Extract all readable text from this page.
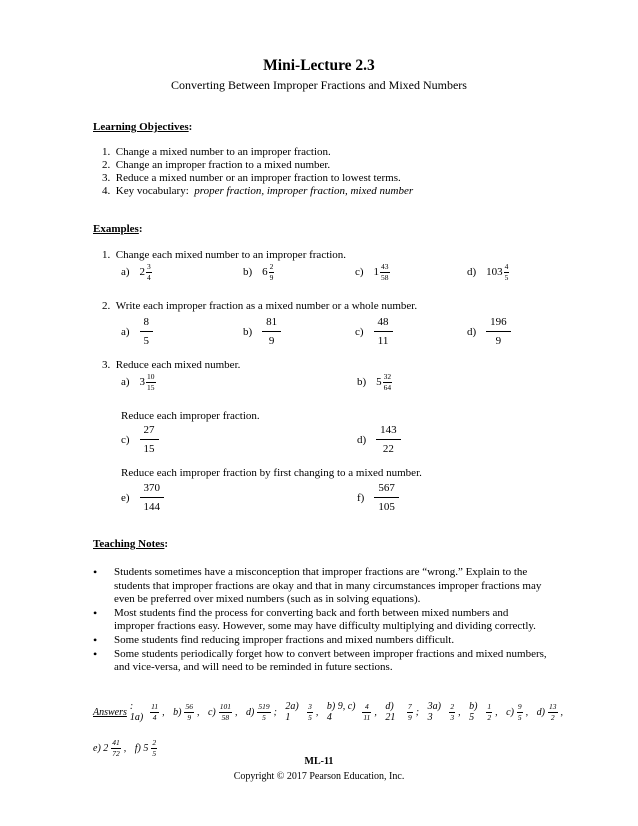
Mini-Lecture 2.3
Converting Between Improper Fractions and Mixed Numbers
Learning Objectives:
1. Change a mixed number to an improper fraction.
2. Change an improper fraction to a mixed number.
3. Reduce a mixed number or an improper fraction to lowest terms.
4. Key vocabulary:  proper fraction, improper fraction, mixed number
Examples:
1. Change each mixed number to an improper fraction.
a) $2 \frac{3}{4}$	b) $6 \frac{2}{9}$	c) $1 \frac{43}{58}$	d) $103 \frac{4}{5}$
2. Write each improper fraction as a mixed number or a whole number.
$a) \frac{8}{5}$	$b) \frac{81}{9}$	$c) \frac{48}{11}$	$d) \frac{196}{9}$
3. Reduce each mixed number.
a) $3 \frac{10}{15}$	b) $5 \frac{32}{64}$
Reduce each improper fraction.
$c) \frac{27}{15}$	$d) \frac{143}{22}$
Reduce each improper fraction by first changing to a mixed number.
$e) \frac{370}{144}$	$f) \frac{567}{105}$
Teaching Notes:
• Students sometimes have a misconception that improper fractions are “wrong.” Explain to the students that improper fractions are okay and that in many circumstances improper fractions may even be preferred over mixed numbers (such as in solving equations).
• Most students find the process for converting back and forth between mixed numbers and improper fractions easy. However, some may have difficulty multiplying and dividing correctly.
• Some students find reducing improper fractions and mixed numbers difficult.
• Some students periodically forget how to convert between improper fractions and mixed numbers, and vice-versa, and will need to be reminded in future sections.
Answers : $1a) \frac{11}{4}$ ,
$b) \frac{56}{9}$ ,
$c) \frac{101}{58}$ ,
$d) \frac{519}{5}$ ;
2a) 1	$\frac{3}{5}$ ,
b) 9, c) 4	$\frac{4}{11}$ ,
d) 21	$\frac{7}{9}$ ;
3a) 3	$\frac{2}{3}$ ,
b) 5	$\frac{1}{2}$ ,
$c) \frac{9}{5}$ ,
$d) \frac{13}{2}$ ,
e) $2 \frac{41}{72}$ ,
f) $5 \frac{2}{5}$
ML-11
Copyright © 2017 Pearson Education, Inc.
